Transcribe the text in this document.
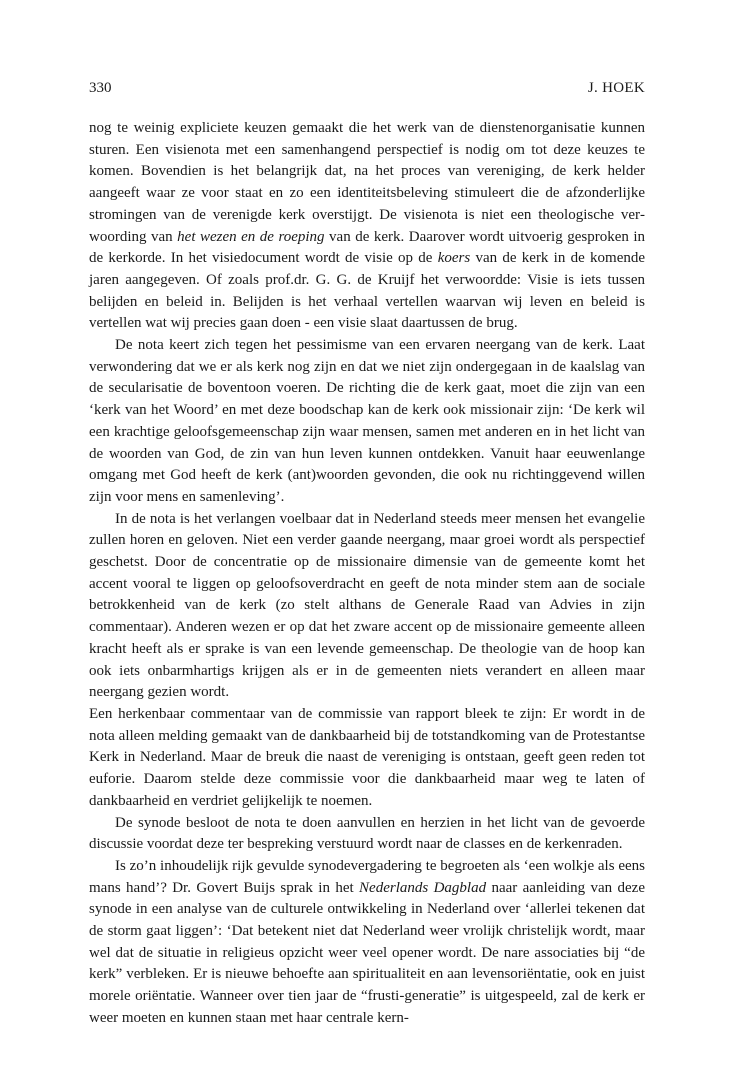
330	J. HOEK

nog te weinig expliciete keuzen gemaakt die het werk van de dienstenorganisatie kunnen sturen. Een visienota met een samenhangend perspectief is nodig om tot deze keuzes te komen. Bovendien is het belangrijk dat, na het proces van vereniging, de kerk helder aangeeft waar ze voor staat en zo een identiteitsbeleving stimuleert die de afzonderlijke stromingen van de verenigde kerk overstijgt. De visienota is niet een theologische verwoording van het wezen en de roeping van de kerk. Daarover wordt uitvoerig gesproken in de kerkorde. In het visiedocument wordt de visie op de koers van de kerk in de komende jaren aangegeven. Of zoals prof.dr. G. G. de Kruijf het verwoordde: Visie is iets tussen belijden en beleid in. Belijden is het verhaal vertellen waarvan wij leven en beleid is vertellen wat wij precies gaan doen - een visie slaat daartussen de brug.

De nota keert zich tegen het pessimisme van een ervaren neergang van de kerk. Laat verwondering dat we er als kerk nog zijn en dat we niet zijn ondergegaan in de kaalslag van de secularisatie de boventoon voeren. De richting die de kerk gaat, moet die zijn van een ‘kerk van het Woord’ en met deze boodschap kan de kerk ook missionair zijn: ‘De kerk wil een krachtige geloofsgemeenschap zijn waar mensen, samen met anderen en in het licht van de woorden van God, de zin van hun leven kunnen ontdekken. Vanuit haar eeuwenlange omgang met God heeft de kerk (ant)woorden gevonden, die ook nu richtinggevend willen zijn voor mens en samenleving’.

In de nota is het verlangen voelbaar dat in Nederland steeds meer mensen het evangelie zullen horen en geloven. Niet een verder gaande neergang, maar groei wordt als perspectief geschetst. Door de concentratie op de missionaire dimensie van de gemeente komt het accent vooral te liggen op geloofsoverdracht en geeft de nota minder stem aan de sociale betrokkenheid van de kerk (zo stelt althans de Generale Raad van Advies in zijn commentaar). Anderen wezen er op dat het zware accent op de missionaire gemeente alleen kracht heeft als er sprake is van een levende gemeenschap. De theologie van de hoop kan ook iets onbarmhartigs krijgen als er in de gemeenten niets verandert en alleen maar neergang gezien wordt.

Een herkenbaar commentaar van de commissie van rapport bleek te zijn: Er wordt in de nota alleen melding gemaakt van de dankbaarheid bij de totstandkoming van de Protestantse Kerk in Nederland. Maar de breuk die naast de vereniging is ontstaan, geeft geen reden tot euforie. Daarom stelde deze commissie voor die dankbaarheid maar weg te laten of dankbaarheid en verdriet gelijkelijk te noemen.

De synode besloot de nota te doen aanvullen en herzien in het licht van de gevoerde discussie voordat deze ter bespreking verstuurd wordt naar de classes en de kerkenraden.

Is zo’n inhoudelijk rijk gevulde synodevergadering te begroeten als ‘een wolkje als eens mans hand’? Dr. Govert Buijs sprak in het Nederlands Dagblad naar aanleiding van deze synode in een analyse van de culturele ontwikkeling in Nederland over ‘allerlei tekenen dat de storm gaat liggen’: ‘Dat betekent niet dat Nederland weer vrolijk christelijk wordt, maar wel dat de situatie in religieus opzicht weer veel opener wordt. De nare associaties bij “de kerk” verbleken. Er is nieuwe behoefte aan spiritualiteit en aan levensoriëntatie, ook en juist morele oriëntatie. Wanneer over tien jaar de “frusti-generatie” is uitgespeeld, zal de kerk er weer moeten en kunnen staan met haar centrale kern-
